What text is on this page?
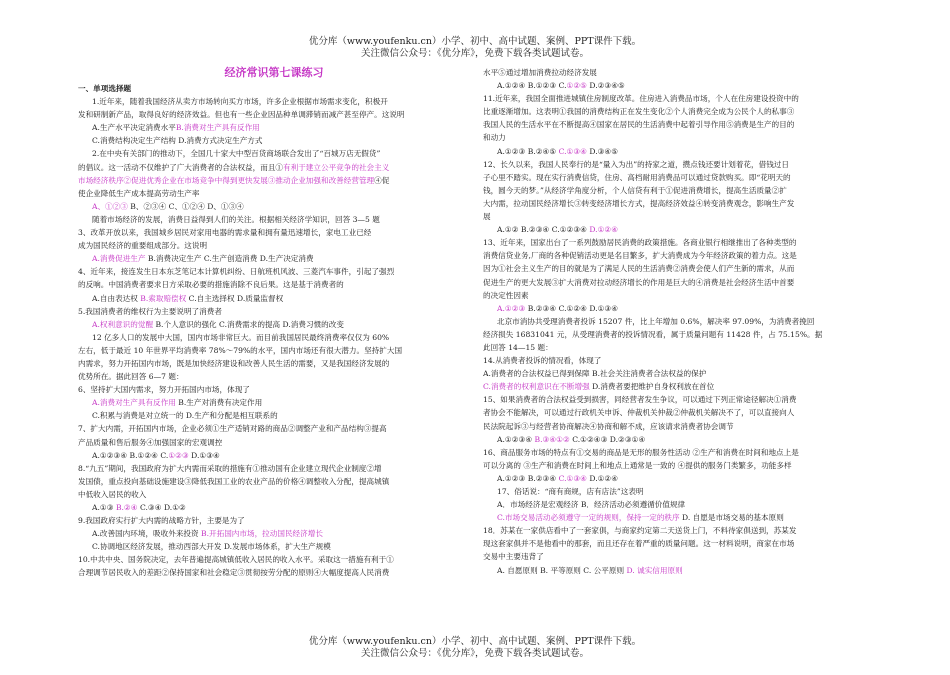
优分库（www.youfenku.cn）小学、初中、高中试题、案例、PPT课件下载。
关注微信公众号：《优分库》，免费下载各类试题试卷。
经济常识第七课练习
一、单项选择题
1.近年来，随着我国经济从卖方市场转向买方市场，许多企业根据市场需求变化，积极开
发和研制新产品，取得良好的经济效益。但也有一些企业因品种单调滞销而减产甚至停产。这说明
A.生产水平决定消费水平B.消费对生产具有反作用
C.消费结构决定生产结构 D.消费方式决定生产方式
2.在中央有关部门的推动下，全国几十家大中型百货商场联合发出了“百城万店无假货”
的倡议。这一活动不仅维护了广大消费者的合法权益，而且①有利于建立公平竞争的社会主义
市场经济秩序②促进优秀企业在市场竞争中得到更快发展③推动企业加强和改善经营管理④促
使企业降低生产成本提高劳动生产率
A、①②③ B、②③④ C、①②④ D、①③④
随着市场经济的发展，消费日益得到人们的关注。根据相关经济学知识，回答 3—5 题
3、改革开放以来，我国城乡居民对家用电器的需求量和拥有量迅速增长，家电工业已经
成为国民经济的重要组成部分。这说明
A.消费促进生产 B.消费决定生产 C.生产创造消费 D.生产决定消费
4、近年来，接连发生日本东芝笔记本计算机纠纷、日航班机风波、三菱汽车事件，引起了强烈
的反响。中国消费者要求日方采取必要的措施消除不良后果。这是基于消费者的
A.自由表达权 B.索取赔偿权 C.自主选择权 D.质量监督权
5.我国消费者的维权行为主要说明了消费者
A.权利意识的觉醒 B.个人意识的强化 C.消费需求的提高 D.消费习惯的改变
12 亿多人口的发展中大国，国内市场非常巨大。而目前我国居民最终消费率仅仅为 60%
左右，低于最近 10 年世界平均消费率 78%～79%的水平，国内市场还有很大潜力。坚持扩大国
内需求，努力开拓国内市场，既是加快经济建设和改善人民生活的需要，又是我国经济发展的
优势所在。据此回答 6—7 题：
6、坚持扩大国内需求，努力开拓国内市场，体现了
A.消费对生产具有反作用 B.生产对消费有决定作用
C.积累与消费是对立统一的 D.生产和分配是相互联系的
7、扩大内需，开拓国内市场，企业必须①生产适销对路的商品②调整产业和产品结构③提高
产品质量和售后服务④加强国家的宏观调控
A.①②③④ B.①②④ C.①②③ D.①③④
8.“九五”期间，我国政府为扩大内需而采取的措施有①推动国有企业建立现代企业制度②增
发国债，重点投向基础设施建设③降低我国工业的农业产品的价格④调整收入分配，提高城镇
中低收入居民的收入
A.①③ B.②④ C.③④ D.①②
9.我国政府实行扩大内需的战略方针，主要是为了
A.改善国内环境，吸收外来投资 B.开拓国内市场，拉动国民经济增长
C.协调地区经济发展，推动西部大开发 D.发展市场体系，扩大生产规模
10.中共中央、国务院决定，去年普遍提高城镇低收入居民的收入水平。采取这一措施有利于①
合理调节居民收入的差距②保持国家和社会稳定③贯彻按劳分配的原则④大幅度提高人民消费
水平⑤通过增加消费拉动经济发展
A.①②④ B.①②③ C.①②⑤ D.②③④⑤
11.近年来，我国全面推进城镇住房制度改革。住房进入消费品市场，个人在住房建设投资中的
比重逐渐增加。这表明①我国的消费结构正在发生变化②个人消费完全成为公民个人的私事③
我国人民的生活水平在不断提高④国家在居民的生活消费中起着引导作用⑤消费是生产的目的
和动力
A.①②③ B.②④⑤ C.①③④ D.③④⑤
12、长久以来，我国人民奉行的是“量入为出”的持家之道，攒点钱还要计划着花，借钱过日
子心里不踏实。现在实行消费信贷，住房、高档耐用消费品可以通过贷款购买。即“花明天的
钱，圆今天的梦。”从经济学角度分析，个人信贷有利于①促进消费增长，提高生活质量②扩
大内需，拉动国民经济增长③转变经济增长方式，提高经济效益④转变消费观念，影响生产发
展
A.①② B.②③④ C.①②③④ D.①②④
13、近年来，国家出台了一系列鼓励居民消费的政策措施。各商业银行相继推出了各种类型的
消费信贷业务,厂商的各种促销活动更是名目繁多，扩大消费成为今年经济政策的着力点。这是
因为①社会主义生产的目的就是为了满足人民的生活消费②消费会使人们产生新的需求，从而
促进生产的更大发展③扩大消费对拉动经济增长的作用是巨大的④消费是社会经济生活中首要
的决定性因素
A.①②③ B.②③④ C.①②④ D.①③④
北京市消协共受理消费者投诉 15207 件，比上年增加 0.6%，解决率 97.09%，为消费者挽回
经济损失 16831041 元，从受理消费者的投诉情况看，属于质量问题有 11428 件，占 75.15%。据
此回答 14—15 题：
14.从消费者投诉的情况看，体现了
A.消费者的合法权益已得到保障 B.社会关注消费者合法权益的保护
C.消费者的权利意识在不断增强 D.消费者要把维护自身权利放在首位
15、如果消费者的合法权益受到损害，同经营者发生争议，可以通过下列正常途径解决①消费
者协会不能解决，可以通过行政机关申诉、仲裁机关仲裁②仲裁机关解决不了，可以直接向人
民法院起诉③与经营者协商解决④协商和解不成，应该请求消费者协会调节
A.①②③④ B.③④①② C.①②④③ D.②③①④
16、商品服务市场的特点有①交易的商品是无形的服务性活动 ②生产和消费在时间和地点上是
可以分离的 ③生产和消费在时间上和地点上通常是一致的 ④提供的服务门类繁多，功能多样
A.①②③ B.②③④ C.①③④ D.①②④
17、俗话说：“商有商规，店有店法”这表明
A．市场经济是宏观经济 B．经济活动必须遵循价值规律
C.市场交易活动必须遵守一定的规则，保持一定的秩序 D. 自愿是市场交易的基本原则
18．苏某在一家供店看中了一套家俱，与商家约定第二天送货上门，不料待家俱送到，苏某发
现这套家俱并不是他看中的那套，而且还存在着严重的质量问题。这一材料说明，商家在市场
交易中主要违背了
A. 自愿原则 B. 平等原则 C. 公平原则 D. 诚实信用原则
优分库（www.youfenku.cn）小学、初中、高中试题、案例、PPT课件下载。
关注微信公众号：《优分库》，免费下载各类试题试卷。
